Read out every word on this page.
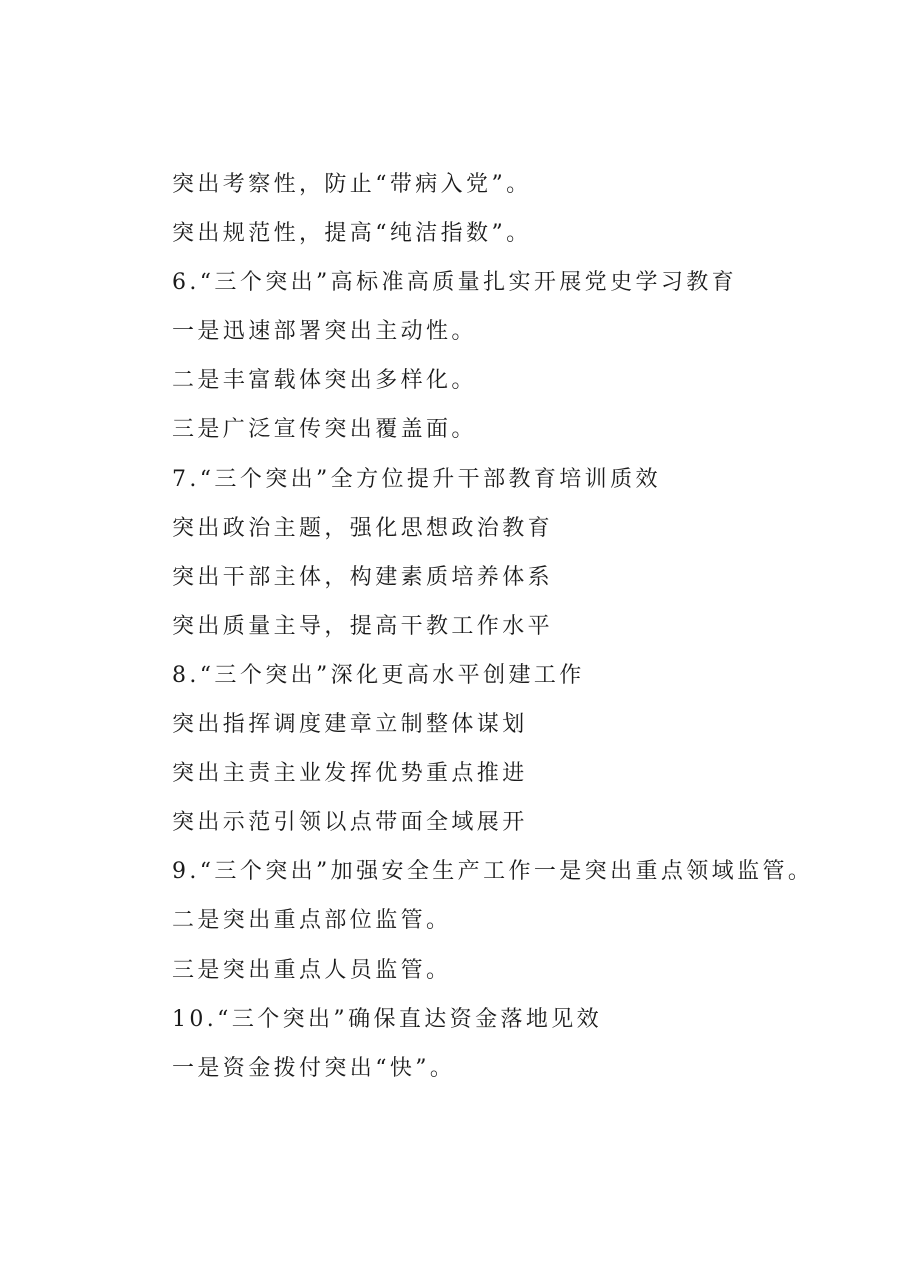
突出考察性，防止“带病入党”。
突出规范性，提高“纯洁指数”。
6.“三个突出”高标准高质量扎实开展党史学习教育
一是迅速部署突出主动性。
二是丰富载体突出多样化。
三是广泛宣传突出覆盖面。
7.“三个突出”全方位提升干部教育培训质效
突出政治主题，强化思想政治教育
突出干部主体，构建素质培养体系
突出质量主导，提高干教工作水平
8.“三个突出”深化更高水平创建工作
突出指挥调度建章立制整体谋划
突出主责主业发挥优势重点推进
突出示范引领以点带面全域展开
9.“三个突出”加强安全生产工作一是突出重点领域监管。
二是突出重点部位监管。
三是突出重点人员监管。
10.“三个突出”确保直达资金落地见效
一是资金拨付突出“快”。
